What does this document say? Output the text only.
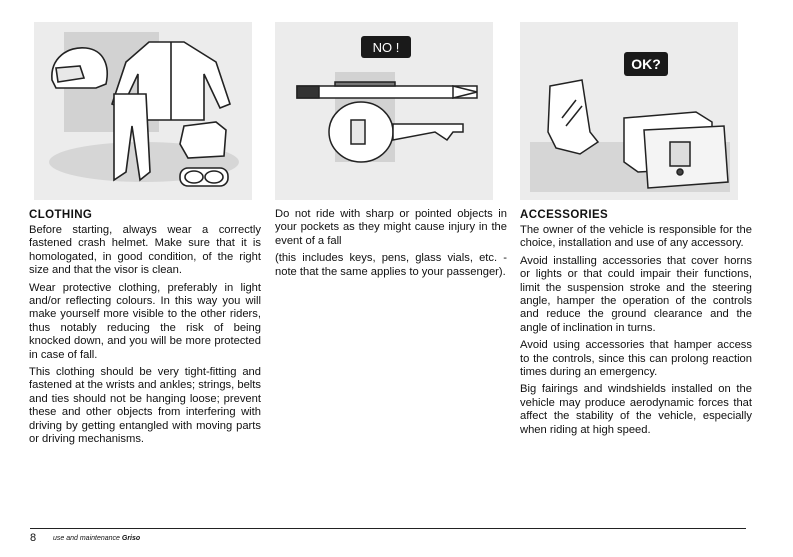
CLOTHING

Before starting, always wear a correctly fastened crash helmet. Make sure that it is homologated, in good condition, of the right size and that the visor is clean.

Wear protective clothing, preferably in light and/or reflecting colours. In this way you will make yourself more visible to the other riders, thus notably reducing the risk of being knocked down, and you will be more protected in case of fall.

This clothing should be very tight-fitting and fastened at the wrists and ankles; strings, belts and ties should not be hanging loose; prevent these and other objects from interfering with driving by getting entangled with moving parts or driving mechanisms.

NO !

Do not ride with sharp or pointed objects in your pockets as they might cause injury in the event of a fall

(this includes keys, pens, glass vials, etc. - note that the same applies to your passenger).

OK?
ACCESSORIES

The owner of the vehicle is responsible for the choice, installation and use of any accessory.

Avoid installing accessories that cover horns or lights or that could impair their functions, limit the suspension stroke and the steering angle, hamper the operation of the controls and reduce the ground clearance and the angle of inclination in turns.

Avoid using accessories that hamper access to the controls, since this can prolong reaction times during an emergency.

Big fairings and windshields installed on the vehicle may produce aerodynamic forces that affect the stability of the vehicle, especially when riding at high speed.

8 use and maintenance Griso
